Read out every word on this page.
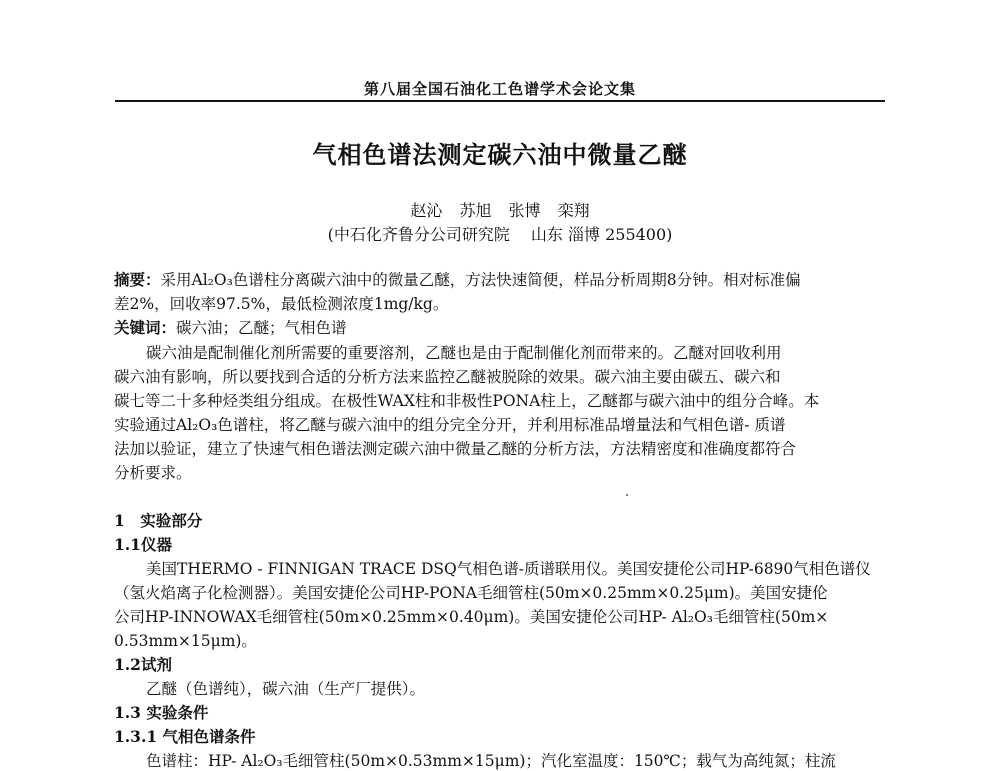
第八届全国石油化工色谱学术会论文集
气相色谱法测定碳六油中微量乙醚
赵沁 苏旭 张博 栾翔
(中石化齐鲁分公司研究院　 山东 淄博 255400)
摘要：采用Al₂O₃色谱柱分离碳六油中的微量乙醚，方法快速简便，样品分析周期8分钟。相对标准偏
差2%，回收率97.5%，最低检测浓度1mg/kg。
关键词：碳六油；乙醚；气相色谱
碳六油是配制催化剂所需要的重要溶剂，乙醚也是由于配制催化剂而带来的。乙醚对回收利用
碳六油有影响，所以要找到合适的分析方法来监控乙醚被脱除的效果。碳六油主要由碳五、碳六和
碳七等二十多种烃类组分组成。在极性WAX柱和非极性PONA柱上，乙醚都与碳六油中的组分合峰。本
实验通过Al₂O₃色谱柱，将乙醚与碳六油中的组分完全分开，并利用标准品增量法和气相色谱- 质谱
法加以验证，建立了快速气相色谱法测定碳六油中微量乙醚的分析方法，方法精密度和准确度都符合
分析要求。
1　实验部分
1.1仪器
美国THERMO - FINNIGAN TRACE DSQ气相色谱-质谱联用仪。美国安捷伦公司HP-6890气相色谱仪
（氢火焰离子化检测器）。美国安捷伦公司HP-PONA毛细管柱(50m×0.25mm×0.25μm)。美国安捷伦
公司HP-INNOWAX毛细管柱(50m×0.25mm×0.40μm)。美国安捷伦公司HP- Al₂O₃毛细管柱(50m×
0.53mm×15μm)。
1.2试剂
乙醚（色谱纯），碳六油（生产厂提供）。
1.3 实验条件
1.3.1 气相色谱条件
色谱柱：HP- Al₂O₃毛细管柱(50m×0.53mm×15μm)；汽化室温度：150℃；载气为高纯氮；柱流
